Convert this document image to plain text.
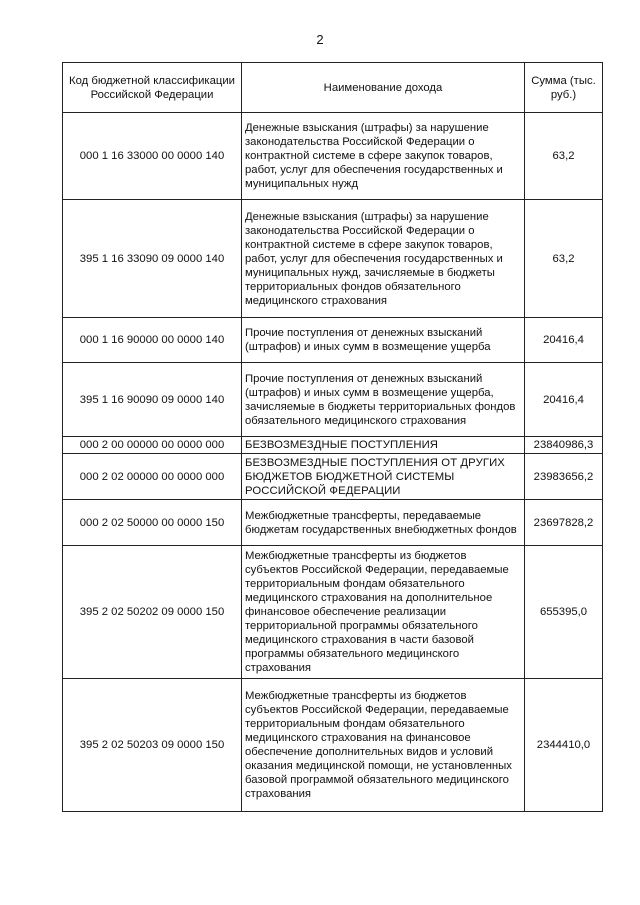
2
Код бюджетной классификации Российской Федерации	Наименование дохода	Сумма (тыс. руб.)
000 1 16 33000 00 0000 140	Денежные взыскания (штрафы) за нарушение законодательства Российской Федерации о контрактной системе в сфере закупок товаров, работ, услуг для обеспечения государственных и муниципальных нужд	63,2
395 1 16 33090 09 0000 140	Денежные взыскания (штрафы) за нарушение законодательства Российской Федерации о контрактной системе в сфере закупок товаров, работ, услуг для обеспечения государственных и муниципальных нужд, зачисляемые в бюджеты территориальных фондов обязательного медицинского страхования	63,2
000 1 16 90000 00 0000 140	Прочие поступления от денежных взысканий (штрафов) и иных сумм в возмещение ущерба	20416,4
395 1 16 90090 09 0000 140	Прочие поступления от денежных взысканий (штрафов) и иных сумм в возмещение ущерба, зачисляемые в бюджеты территориальных фондов обязательного медицинского страхования	20416,4
000 2 00 00000 00 0000 000	БЕЗВОЗМЕЗДНЫЕ ПОСТУПЛЕНИЯ	23840986,3
000 2 02 00000 00 0000 000	БЕЗВОЗМЕЗДНЫЕ ПОСТУПЛЕНИЯ ОТ ДРУГИХ БЮДЖЕТОВ БЮДЖЕТНОЙ СИСТЕМЫ РОССИЙСКОЙ ФЕДЕРАЦИИ	23983656,2
000 2 02 50000 00 0000 150	Межбюджетные трансферты, передаваемые бюджетам государственных внебюджетных фондов	23697828,2
395 2 02 50202 09 0000 150	Межбюджетные трансферты из бюджетов субъектов Российской Федерации, передаваемые территориальным фондам обязательного медицинского страхования на дополнительное финансовое обеспечение реализации территориальной программы обязательного медицинского страхования в части базовой программы обязательного медицинского страхования	655395,0
395 2 02 50203 09 0000 150	Межбюджетные трансферты из бюджетов субъектов Российской Федерации, передаваемые территориальным фондам обязательного медицинского страхования на финансовое обеспечение дополнительных видов и условий оказания медицинской помощи, не установленных базовой программой обязательного медицинского страхования	2344410,0
